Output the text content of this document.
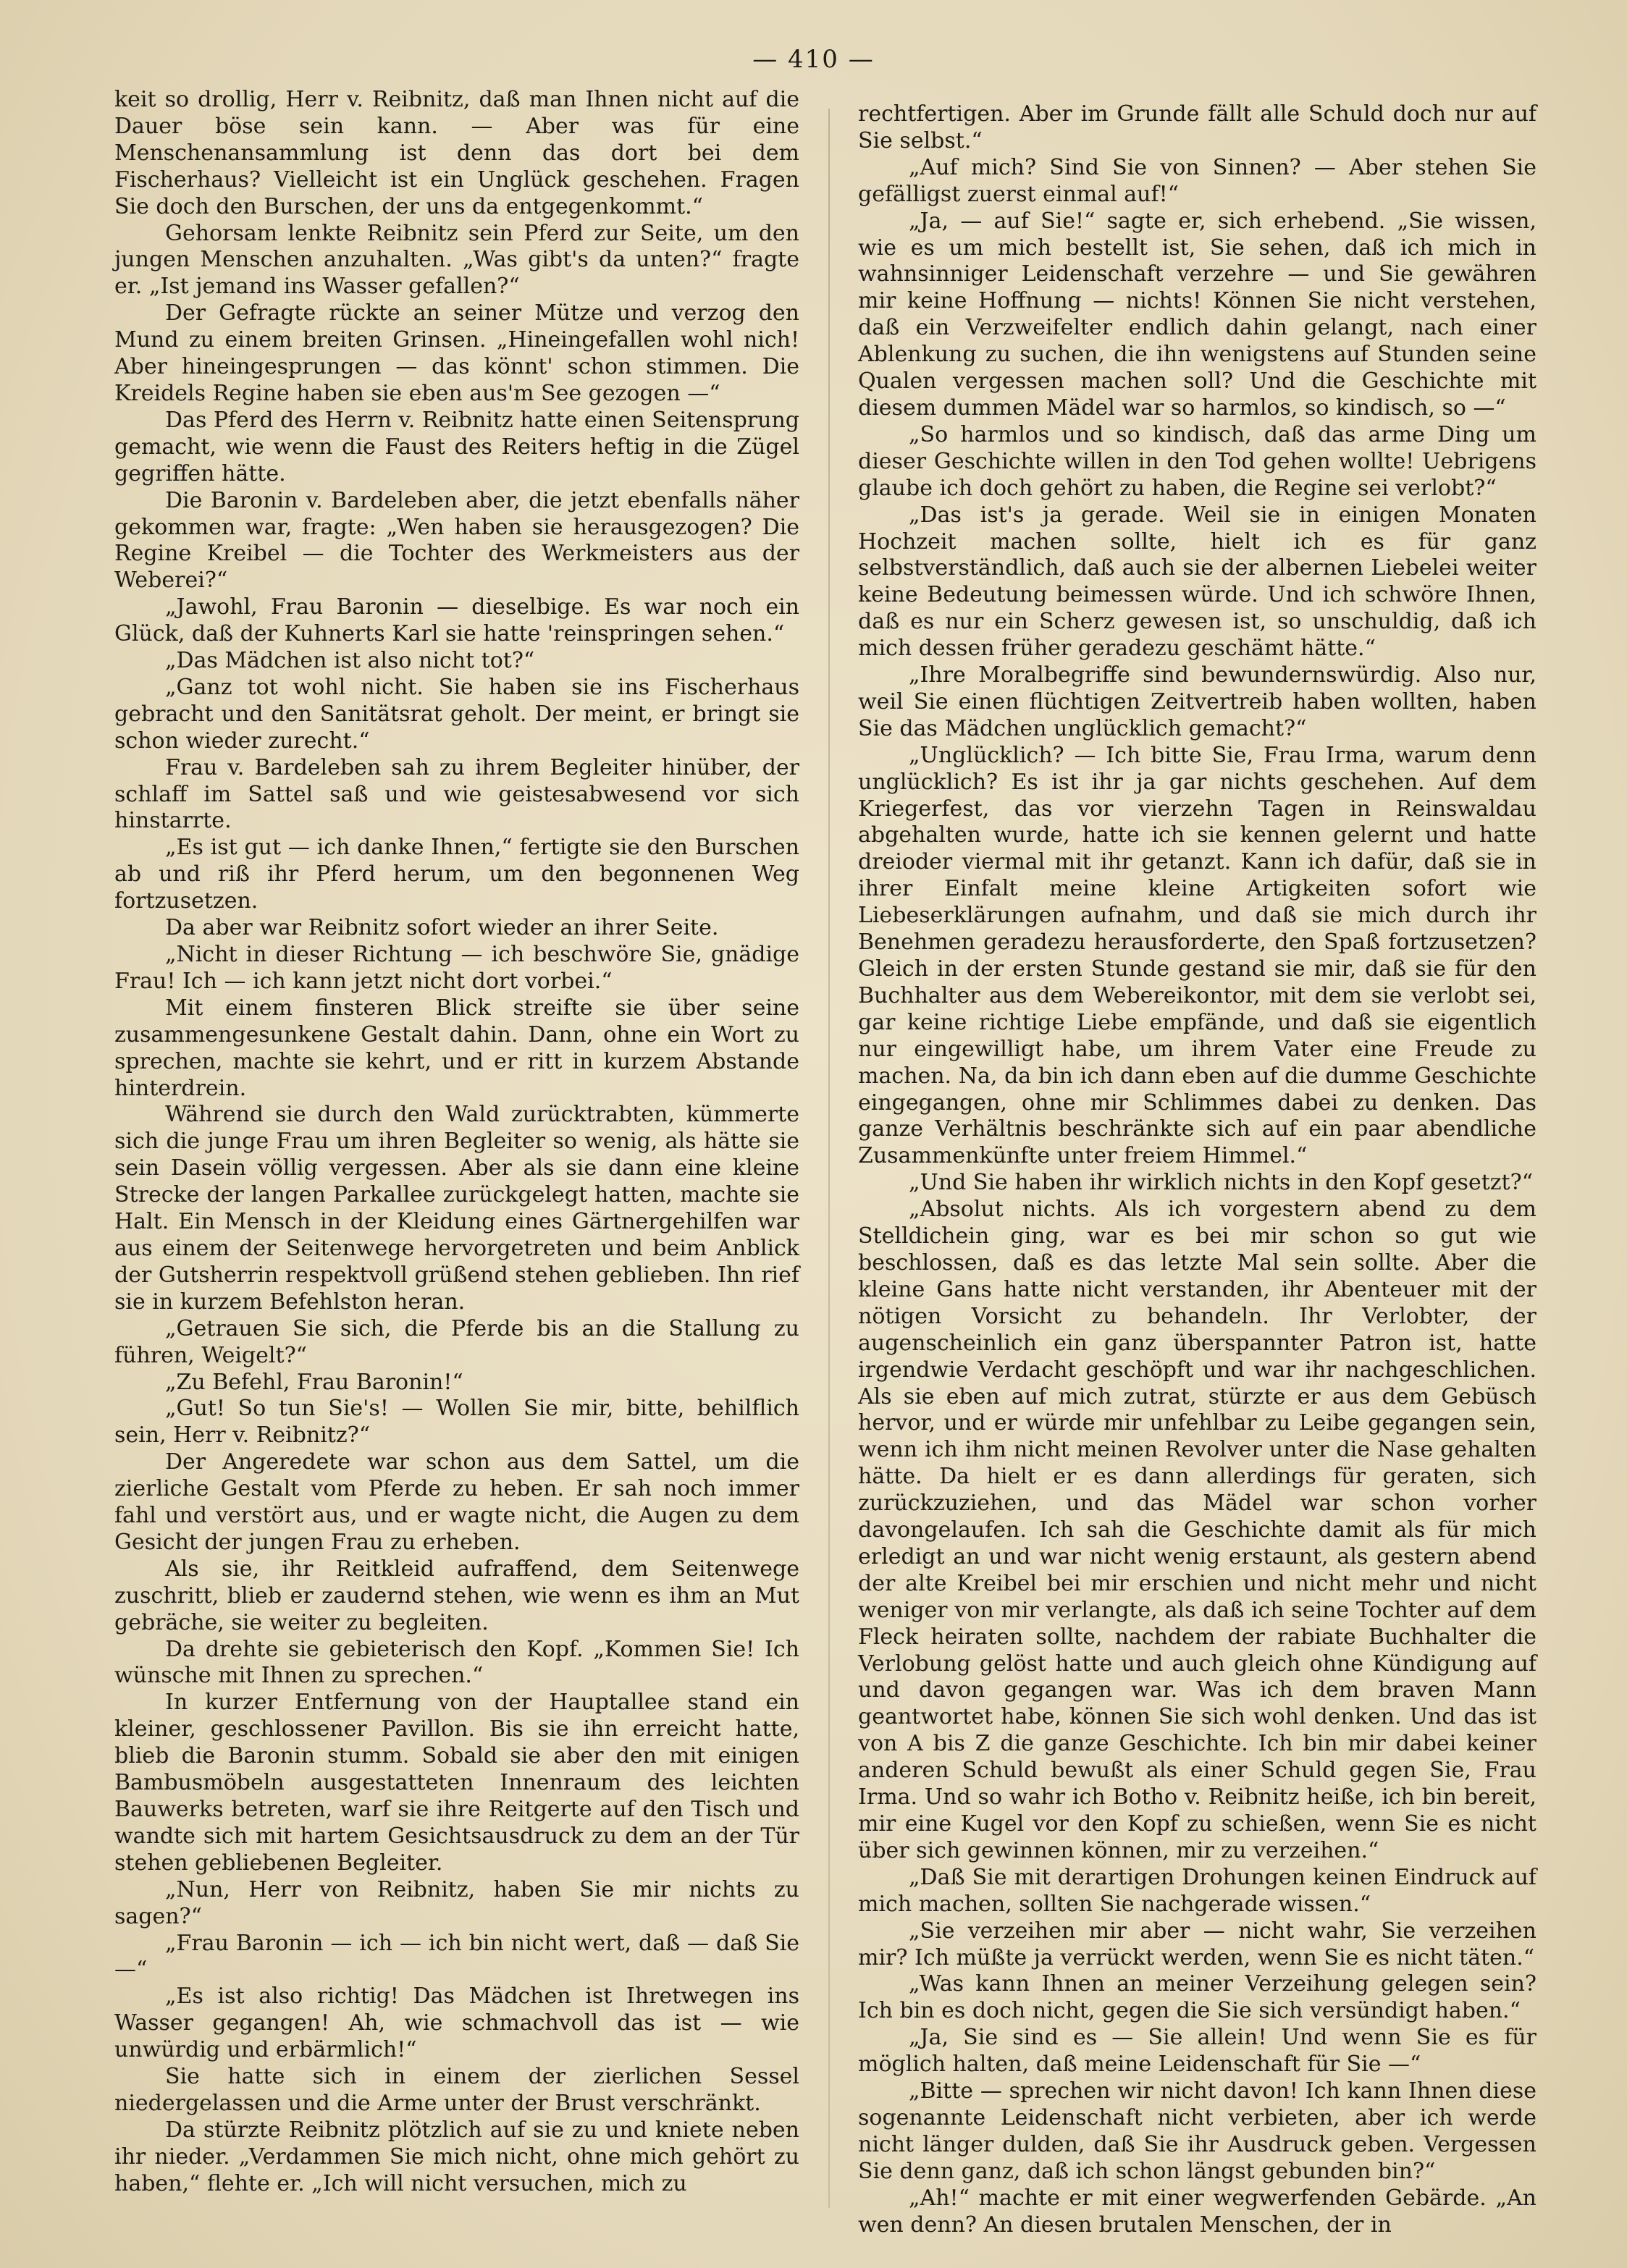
— 410 —

keit so drollig, Herr v. Reibnitz, daß man Ihnen nicht auf die Dauer böse sein kann. — Aber was für eine Menschenansammlung ist denn das dort bei dem Fischerhaus? Vielleicht ist ein Unglück geschehen. Fragen Sie doch den Burschen, der uns da entgegenkommt.“

Gehorsam lenkte Reibnitz sein Pferd zur Seite, um den jungen Menschen anzuhalten. „Was gibt's da unten?“ fragte er. „Ist jemand ins Wasser gefallen?“

Der Gefragte rückte an seiner Mütze und verzog den Mund zu einem breiten Grinsen. „Hineingefallen wohl nich! Aber hineingesprungen — das könnt' schon stimmen. Die Kreidels Regine haben sie eben aus'm See gezogen —“

Das Pferd des Herrn v. Reibnitz hatte einen Seitensprung gemacht, wie wenn die Faust des Reiters heftig in die Zügel gegriffen hätte.

Die Baronin v. Bardeleben aber, die jetzt ebenfalls näher gekommen war, fragte: „Wen haben sie herausgezogen? Die Regine Kreibel — die Tochter des Werkmeisters aus der Weberei?“

„Jawohl, Frau Baronin — dieselbige. Es war noch ein Glück, daß der Kuhnerts Karl sie hatte 'reinspringen sehen.“

„Das Mädchen ist also nicht tot?“

„Ganz tot wohl nicht. Sie haben sie ins Fischerhaus gebracht und den Sanitätsrat geholt. Der meint, er bringt sie schon wieder zurecht.“

Frau v. Bardeleben sah zu ihrem Begleiter hinüber, der schlaff im Sattel saß und wie geistesabwesend vor sich hinstarrte.

„Es ist gut — ich danke Ihnen,“ fertigte sie den Burschen ab und riß ihr Pferd herum, um den begonnenen Weg fortzusetzen.

Da aber war Reibnitz sofort wieder an ihrer Seite.

„Nicht in dieser Richtung — ich beschwöre Sie, gnädige Frau! Ich — ich kann jetzt nicht dort vorbei.“

Mit einem finsteren Blick streifte sie über seine zusammengesunkene Gestalt dahin. Dann, ohne ein Wort zu sprechen, machte sie kehrt, und er ritt in kurzem Abstande hinterdrein.

Während sie durch den Wald zurücktrabten, kümmerte sich die junge Frau um ihren Begleiter so wenig, als hätte sie sein Dasein völlig vergessen. Aber als sie dann eine kleine Strecke der langen Parkallee zurückgelegt hatten, machte sie Halt. Ein Mensch in der Kleidung eines Gärtnergehilfen war aus einem der Seitenwege hervorgetreten und beim Anblick der Gutsherrin respektvoll grüßend stehen geblieben. Ihn rief sie in kurzem Befehlston heran.

„Getrauen Sie sich, die Pferde bis an die Stallung zu führen, Weigelt?“

„Zu Befehl, Frau Baronin!“

„Gut! So tun Sie's! — Wollen Sie mir, bitte, behilflich sein, Herr v. Reibnitz?“

Der Angeredete war schon aus dem Sattel, um die zierliche Gestalt vom Pferde zu heben. Er sah noch immer fahl und verstört aus, und er wagte nicht, die Augen zu dem Gesicht der jungen Frau zu erheben.

Als sie, ihr Reitkleid aufraffend, dem Seitenwege zuschritt, blieb er zaudernd stehen, wie wenn es ihm an Mut gebräche, sie weiter zu begleiten.

Da drehte sie gebieterisch den Kopf. „Kommen Sie! Ich wünsche mit Ihnen zu sprechen.“

In kurzer Entfernung von der Hauptallee stand ein kleiner, geschlossener Pavillon. Bis sie ihn erreicht hatte, blieb die Baronin stumm. Sobald sie aber den mit einigen Bambusmöbeln ausgestatteten Innenraum des leichten Bauwerks betreten, warf sie ihre Reitgerte auf den Tisch und wandte sich mit hartem Gesichtsausdruck zu dem an der Tür stehen gebliebenen Begleiter.

„Nun, Herr von Reibnitz, haben Sie mir nichts zu sagen?“

„Frau Baronin — ich — ich bin nicht wert, daß — daß Sie —“

„Es ist also richtig! Das Mädchen ist Ihretwegen ins Wasser gegangen! Ah, wie schmachvoll das ist — wie unwürdig und erbärmlich!“

Sie hatte sich in einem der zierlichen Sessel niedergelassen und die Arme unter der Brust verschränkt.

Da stürzte Reibnitz plötzlich auf sie zu und kniete neben ihr nieder. „Verdammen Sie mich nicht, ohne mich gehört zu haben,“ flehte er. „Ich will nicht versuchen, mich zu

rechtfertigen. Aber im Grunde fällt alle Schuld doch nur auf Sie selbst.“

„Auf mich? Sind Sie von Sinnen? — Aber stehen Sie gefälligst zuerst einmal auf!“

„Ja, — auf Sie!“ sagte er, sich erhebend. „Sie wissen, wie es um mich bestellt ist, Sie sehen, daß ich mich in wahnsinniger Leidenschaft verzehre — und Sie gewähren mir keine Hoffnung — nichts! Können Sie nicht verstehen, daß ein Verzweifelter endlich dahin gelangt, nach einer Ablenkung zu suchen, die ihn wenigstens auf Stunden seine Qualen vergessen machen soll? Und die Geschichte mit diesem dummen Mädel war so harmlos, so kindisch, so —“

„So harmlos und so kindisch, daß das arme Ding um dieser Geschichte willen in den Tod gehen wollte! Uebrigens glaube ich doch gehört zu haben, die Regine sei verlobt?“

„Das ist's ja gerade. Weil sie in einigen Monaten Hochzeit machen sollte, hielt ich es für ganz selbstverständlich, daß auch sie der albernen Liebelei weiter keine Bedeutung beimessen würde. Und ich schwöre Ihnen, daß es nur ein Scherz gewesen ist, so unschuldig, daß ich mich dessen früher geradezu geschämt hätte.“

„Ihre Moralbegriffe sind bewundernswürdig. Also nur, weil Sie einen flüchtigen Zeitvertreib haben wollten, haben Sie das Mädchen unglücklich gemacht?“

„Unglücklich? — Ich bitte Sie, Frau Irma, warum denn unglücklich? Es ist ihr ja gar nichts geschehen. Auf dem Kriegerfest, das vor vierzehn Tagen in Reinswaldau abgehalten wurde, hatte ich sie kennen gelernt und hatte dreioder viermal mit ihr getanzt. Kann ich dafür, daß sie in ihrer Einfalt meine kleine Artigkeiten sofort wie Liebeserklärungen aufnahm, und daß sie mich durch ihr Benehmen geradezu herausforderte, den Spaß fortzusetzen? Gleich in der ersten Stunde gestand sie mir, daß sie für den Buchhalter aus dem Webereikontor, mit dem sie verlobt sei, gar keine richtige Liebe empfände, und daß sie eigentlich nur eingewilligt habe, um ihrem Vater eine Freude zu machen. Na, da bin ich dann eben auf die dumme Geschichte eingegangen, ohne mir Schlimmes dabei zu denken. Das ganze Verhältnis beschränkte sich auf ein paar abendliche Zusammenkünfte unter freiem Himmel.“

„Und Sie haben ihr wirklich nichts in den Kopf gesetzt?“

„Absolut nichts. Als ich vorgestern abend zu dem Stelldichein ging, war es bei mir schon so gut wie beschlossen, daß es das letzte Mal sein sollte. Aber die kleine Gans hatte nicht verstanden, ihr Abenteuer mit der nötigen Vorsicht zu behandeln. Ihr Verlobter, der augenscheinlich ein ganz überspannter Patron ist, hatte irgendwie Verdacht geschöpft und war ihr nachgeschlichen. Als sie eben auf mich zutrat, stürzte er aus dem Gebüsch hervor, und er würde mir unfehlbar zu Leibe gegangen sein, wenn ich ihm nicht meinen Revolver unter die Nase gehalten hätte. Da hielt er es dann allerdings für geraten, sich zurückzuziehen, und das Mädel war schon vorher davongelaufen. Ich sah die Geschichte damit als für mich erledigt an und war nicht wenig erstaunt, als gestern abend der alte Kreibel bei mir erschien und nicht mehr und nicht weniger von mir verlangte, als daß ich seine Tochter auf dem Fleck heiraten sollte, nachdem der rabiate Buchhalter die Verlobung gelöst hatte und auch gleich ohne Kündigung auf und davon gegangen war. Was ich dem braven Mann geantwortet habe, können Sie sich wohl denken. Und das ist von A bis Z die ganze Geschichte. Ich bin mir dabei keiner anderen Schuld bewußt als einer Schuld gegen Sie, Frau Irma. Und so wahr ich Botho v. Reibnitz heiße, ich bin bereit, mir eine Kugel vor den Kopf zu schießen, wenn Sie es nicht über sich gewinnen können, mir zu verzeihen.“

„Daß Sie mit derartigen Drohungen keinen Eindruck auf mich machen, sollten Sie nachgerade wissen.“

„Sie verzeihen mir aber — nicht wahr, Sie verzeihen mir? Ich müßte ja verrückt werden, wenn Sie es nicht täten.“

„Was kann Ihnen an meiner Verzeihung gelegen sein? Ich bin es doch nicht, gegen die Sie sich versündigt haben.“

„Ja, Sie sind es — Sie allein! Und wenn Sie es für möglich halten, daß meine Leidenschaft für Sie —“

„Bitte — sprechen wir nicht davon! Ich kann Ihnen diese sogenannte Leidenschaft nicht verbieten, aber ich werde nicht länger dulden, daß Sie ihr Ausdruck geben. Vergessen Sie denn ganz, daß ich schon längst gebunden bin?“

„Ah!“ machte er mit einer wegwerfenden Gebärde. „An wen denn? An diesen brutalen Menschen, der in
